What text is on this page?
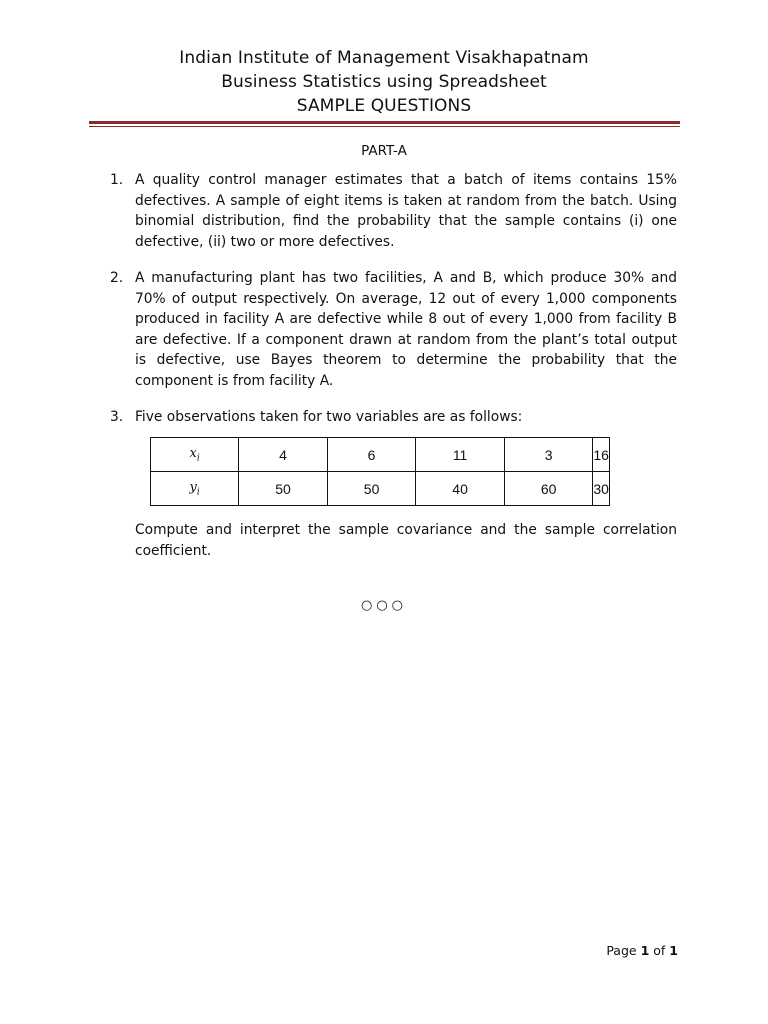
Indian Institute of Management Visakhapatnam
Business Statistics using Spreadsheet
SAMPLE QUESTIONS
PART-A
1. A quality control manager estimates that a batch of items contains 15% defectives. A sample of eight items is taken at random from the batch. Using binomial distribution, find the probability that the sample contains (i) one defective, (ii) two or more defectives.
2. A manufacturing plant has two facilities, A and B, which produce 30% and 70% of output respectively. On average, 12 out of every 1,000 components produced in facility A are defective while 8 out of every 1,000 from facility B are defective. If a component drawn at random from the plant’s total output is defective, use Bayes theorem to determine the probability that the component is from facility A.
3. Five observations taken for two variables are as follows:
$x_i$	4	6	11	3	16
$y_i$	50	50	40	60	30
Compute and interpret the sample covariance and the sample correlation coefficient.
○○○
Page 1 of 1
